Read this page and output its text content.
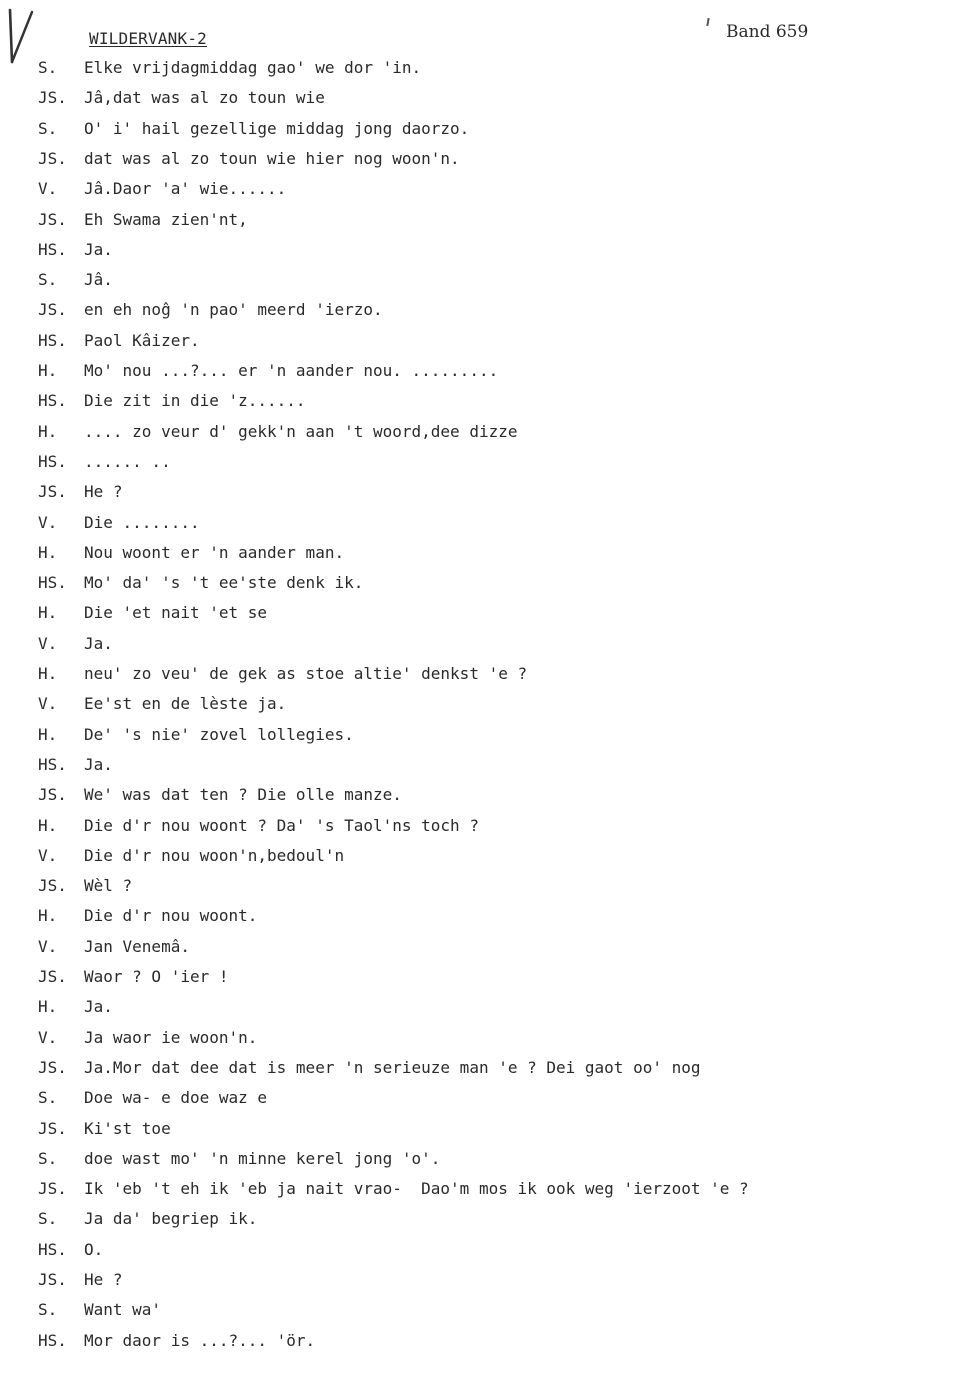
WILDERVANK-2	Band 659
S.	Elke vrijdagmiddag gao' we dor 'in.
JS.	Jâ,dat was al zo toun wie
S.	O' i' hail gezellige middag jong daorzo.
JS.	dat was al zo toun wie hier nog woon'n.
V.	Jâ.Daor 'a' wie......
JS.	Eh Swama zien'nt,
HS.	Ja.
S.	Jâ.
JS.	en eh noĝ 'n pao' meerd 'ierzo.
HS.	Paol Kâizer.
H.	Mo' nou ...?... er 'n aander nou. .........
HS.	Die zit in die 'z......
H.	.... zo veur d' gekk'n aan 't woord,dee dizze
HS.	...... ..
JS.	He ?
V.	Die ........
H.	Nou woont er 'n aander man.
HS.	Mo' da' 's 't ee'ste denk ik.
H.	Die 'et nait 'et se
V.	Ja.
H.	neu' zo veu' de gek as stoe altie' denkst 'e ?
V.	Ee'st en de lèste ja.
H.	De' 's nie' zovel lollegies.
HS.	Ja.
JS.	We' was dat ten ? Die olle manze.
H.	Die d'r nou woont ? Da' 's Taol'ns toch ?
V.	Die d'r nou woon'n,bedoul'n
JS.	Wèl ?
H.	Die d'r nou woont.
V.	Jan Venemâ.
JS.	Waor ? O 'ier !
H.	Ja.
V.	Ja waor ie woon'n.
JS.	Ja.Mor dat dee dat is meer 'n serieuze man 'e ? Dei gaot oo' nog
S.	Doe wa- e doe waz e
JS.	Ki'st toe
S.	doe wast mo' 'n minne kerel jong 'o'.
JS.	Ik 'eb 't eh ik 'eb ja nait vrao-  Dao'm mos ik ook weg 'ierzoot 'e ?
S.	Ja da' begriep ik.
HS.	O.
JS.	He ?
S.	Want wa'
HS.	Mor daor is ...?... 'ör.
